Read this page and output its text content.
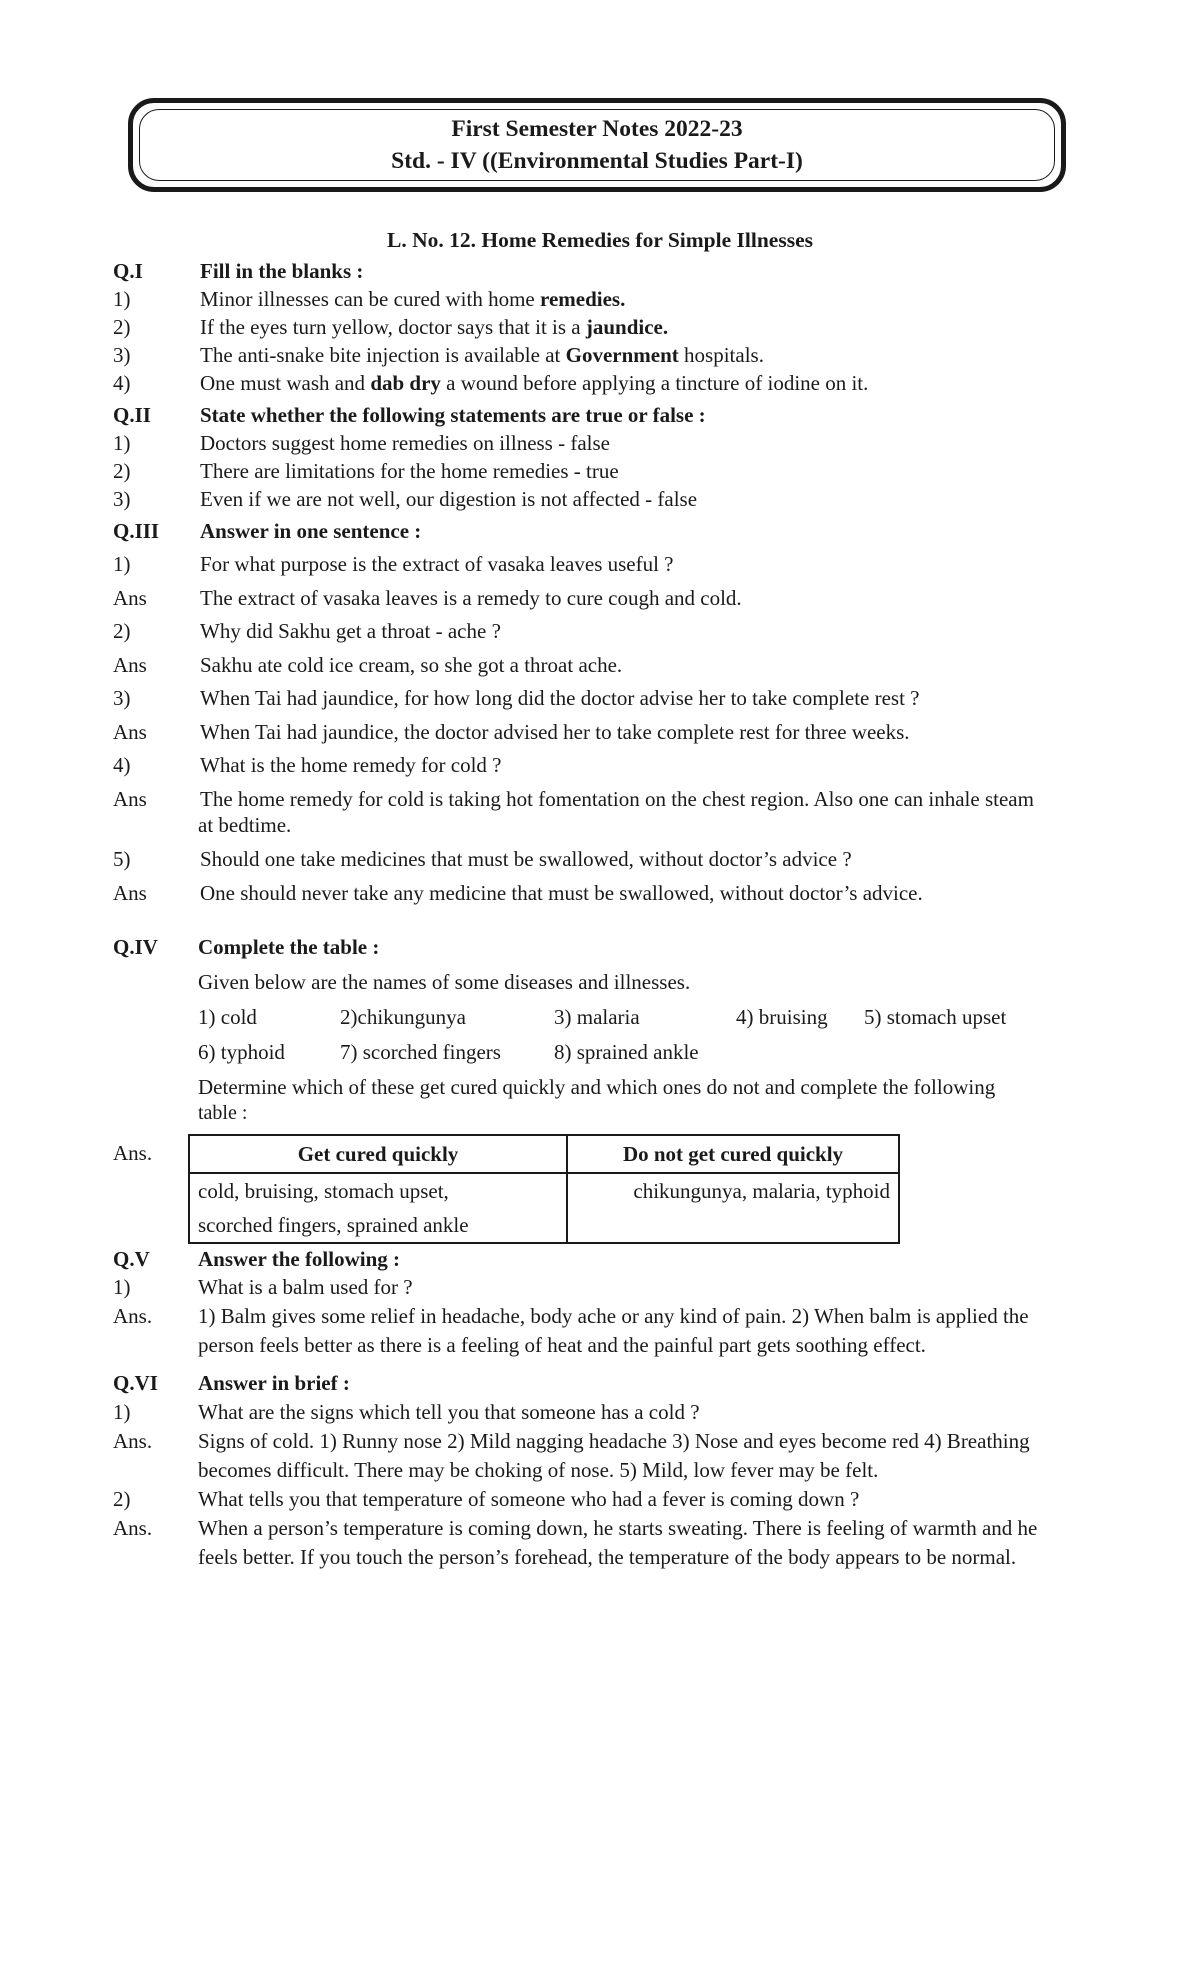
First Semester Notes 2022-23
Std. - IV ((Environmental Studies Part-I)
L. No. 12. Home Remedies for Simple Illnesses
Q.I	Fill in the blanks :
1)	Minor illnesses can be cured with home remedies.
2)	If the eyes turn yellow, doctor says that it is a jaundice.
3)	The anti-snake bite injection is available at Government hospitals.
4)	One must wash and dab dry a wound before applying a tincture of iodine on it.
Q.II State whether the following statements are true or false :
1)	Doctors suggest home remedies on illness - false
2)	There are limitations for the home remedies - true
3)	Even if we are not well, our digestion is not affected - false
Q.III Answer in one sentence :
1)	For what purpose is the extract of vasaka leaves useful ?
Ans	The extract of vasaka leaves is a remedy to cure cough and cold.
2)	Why did Sakhu get a throat - ache ?
Ans	Sakhu ate cold ice cream, so she got a throat ache.
3)	When Tai had jaundice, for how long did the doctor advise her to take complete rest ?
Ans	When Tai had jaundice, the doctor advised her to take complete rest for three weeks.
4)	What is the home remedy for cold ?
Ans	The home remedy for cold is taking hot fomentation on the chest region. Also one can inhale steam
at bedtime.
5)	Should one take medicines that must be swallowed, without doctor’s advice ?
Ans	One should never take any medicine that must be swallowed, without doctor’s advice.
Q.IV Complete the table :
Given below are the names of some diseases and illnesses.
1) cold	2)chikungunya	3) malaria	4) bruising 5) stomach upset
6) typhoid	7) scorched fingers	8) sprained ankle
Determine which of these get cured quickly and which ones do not and complete the following
table :
Ans.	Get cured quickly	Do not get cured quickly

cold, bruising, stomach upset,
scorched fingers, sprained ankle	chikungunya, malaria, typhoid
Q.V Answer the following :
1)	What is a balm used for ?
Ans. 1) Balm gives some relief in headache, body ache or any kind of pain. 2) When balm is applied the
person feels better as there is a feeling of heat and the painful part gets soothing effect.
Q.VI Answer in brief :
1)	What are the signs which tell you that someone has a cold ?
Ans. Signs of cold. 1) Runny nose 2) Mild nagging headache 3) Nose and eyes become red 4) Breathing
becomes difficult. There may be choking of nose. 5) Mild, low fever may be felt.
2)	What tells you that temperature of someone who had a fever is coming down ?
Ans. When a person’s temperature is coming down, he starts sweating. There is feeling of warmth and he
feels better. If you touch the person’s forehead, the temperature of the body appears to be normal.
